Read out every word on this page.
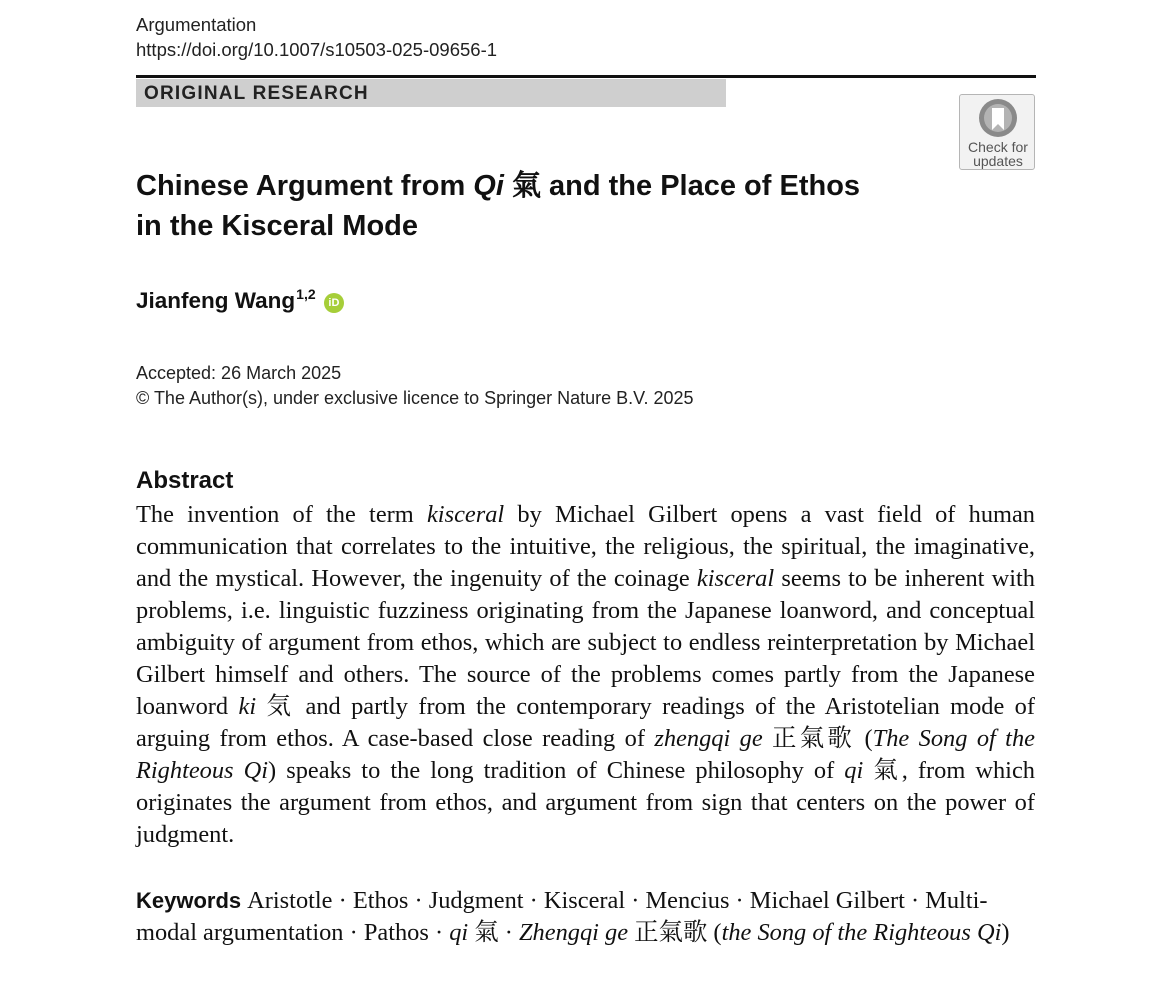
Argumentation
https://doi.org/10.1007/s10503-025-09656-1
ORIGINAL RESEARCH
Check for
updates
Chinese Argument from Qi 氣 and the Place of Ethos
in the Kisceral Mode
Jianfeng Wang$^{1,2}$ iD
Accepted: 26 March 2025
© The Author(s), under exclusive licence to Springer Nature B.V. 2025
Abstract

The invention of the term kisceral by Michael Gilbert opens a vast field of human communication that correlates to the intuitive, the religious, the spiritual, the imaginative, and the mystical. However, the ingenuity of the coinage kisceral seems to be inherent with problems, i.e. linguistic fuzziness originating from the Japanese loanword, and conceptual ambiguity of argument from ethos, which are subject to endless reinterpretation by Michael Gilbert himself and others. The source of the problems comes partly from the Japanese loanword ki 気 and partly from the contemporary readings of the Aristotelian mode of arguing from ethos. A case-based close reading of zhengqi ge 正氣歌 (The Song of the Righteous Qi) speaks to the long tradition of Chinese philosophy of qi 氣, from which originates the argument from ethos, and argument from sign that centers on the power of judgment.

Keywords Aristotle · Ethos · Judgment · Kisceral · Mencius · Michael Gilbert · Multi-modal argumentation · Pathos · qi 氣 · Zhengqi ge 正氣歌 (the Song of the Righteous Qi)
